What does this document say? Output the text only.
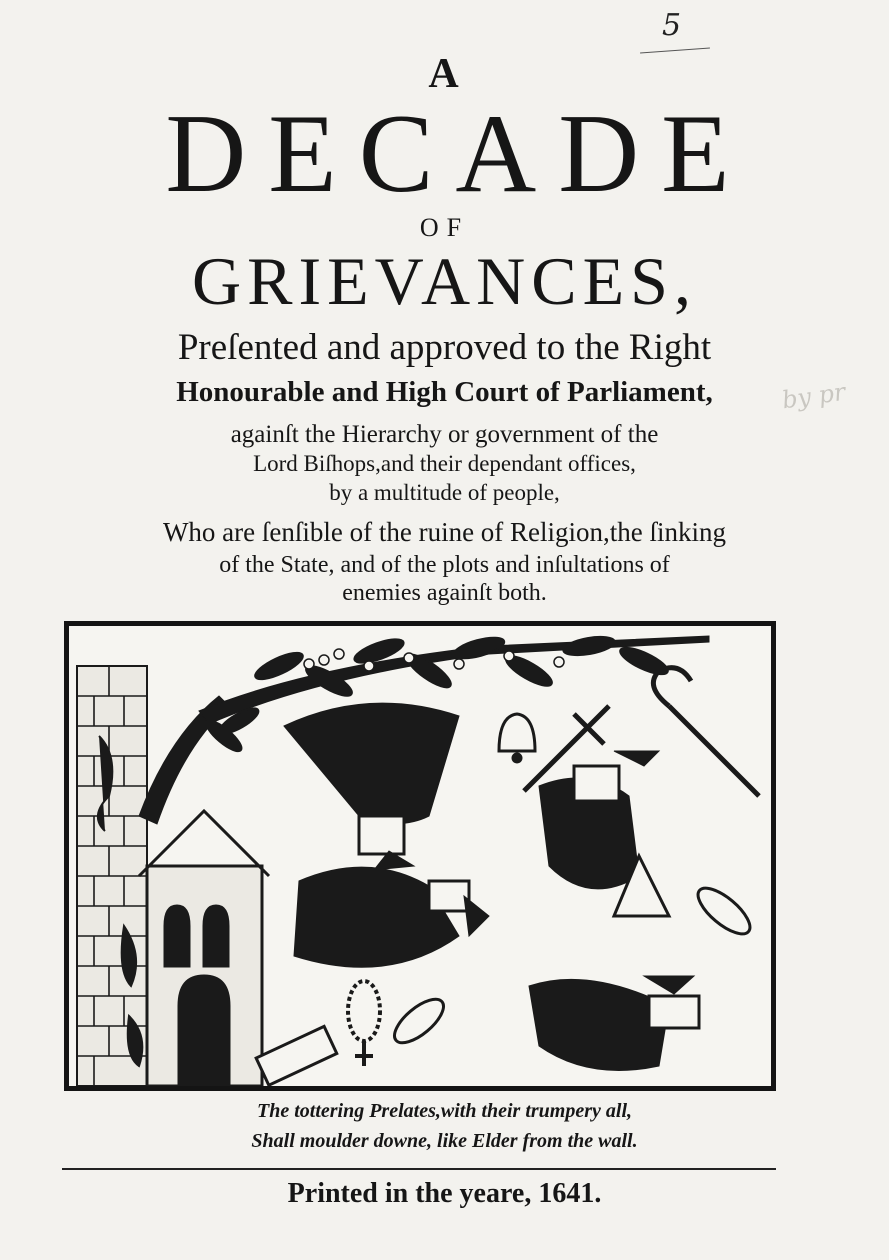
5
by pr
A
DECADE
OF
GRIEVANCES,
Preſented and approved to the Right
Honourable and High Court of Parliament,
againſt the Hierarchy or government of the
Lord Biſhops,and their dependant offices,
by a multitude of people,
Who are ſenſible of the ruine of Religion,the ſinking
of the State, and of the plots and inſultations of
enemies againſt both.
The tottering Prelates,with their trumpery all,
Shall moulder downe, like Elder from the wall.
Printed in the yeare, 1641.
